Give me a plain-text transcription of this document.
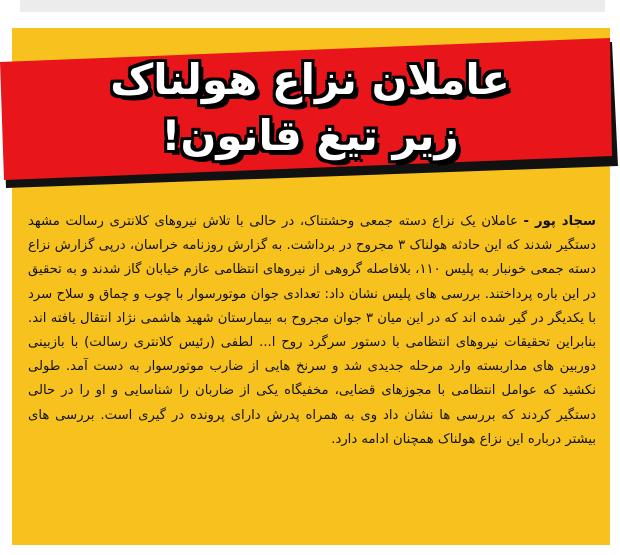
عاملان نزاع هولناک
زیر تیغ قانون!
سجاد پور - عاملان یک نزاع دسته جمعی وحشتناک، در حالی با تلاش نیروهای کلانتری رسالت مشهد دستگیر شدند که این حادثه هولناک ۳ مجروح در برداشت. به گزارش روزنامه خراسان، درپی گزارش نزاع دسته جمعی خونبار به پلیس ۱۱۰، بلافاصله گروهی از نیروهای انتظامی عازم خیابان گاز شدند و به تحقیق در این باره پرداختند. بررسی های پلیس نشان داد: تعدادی جوان موتورسوار با چوب و چماق و سلاح سرد با یکدیگر در گیر شده اند که در این میان ۳ جوان مجروح به بیمارستان شهید هاشمی نژاد انتقال یافته اند. بنابراین تحقیقات نیروهای انتظامی با دستور سرگرد روح ا... لطفی (رئیس کلانتری رسالت) با بازبینی دوربین های مداربسته وارد مرحله جدیدی شد و سرنخ هایی از ضارب موتورسوار به دست آمد. طولی نکشید که عوامل انتظامی با مجوزهای قضایی، مخفیگاه یکی از ضاربان را شناسایی و او را در حالی دستگیر کردند که بررسی ها نشان داد وی به همراه پدرش دارای پرونده در گیری است. بررسی های بیشتر درباره این نزاع هولناک همچنان ادامه دارد.
